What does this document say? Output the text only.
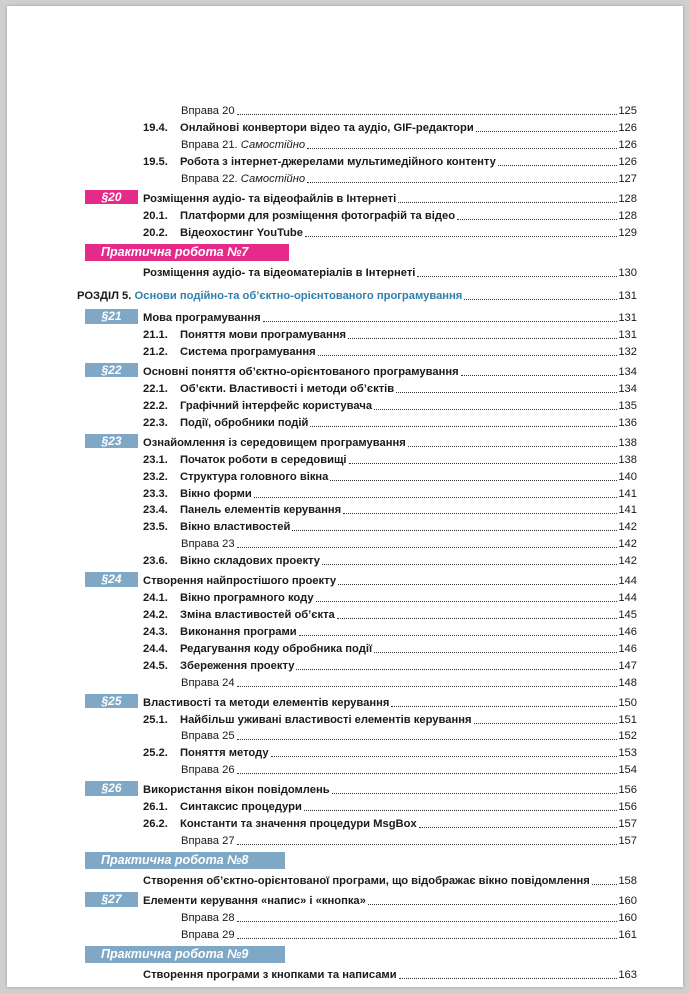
Вправа 20	125
19.4. Онлайнові конвертори відео та аудіо, GIF-редактори	126
Вправа 21. Самостійно	126
19.5. Робота з інтернет-джерелами мультимедійного контенту	126
Вправа 22. Самостійно	127
§20	Розміщення аудіо- та відеофайлів в Інтернеті	128
20.1. Платформи для розміщення фотографій та відео	128
20.2. Відеохостинг YouTube	129
Практична робота №7
Розміщення аудіо- та відеоматеріалів в Інтернеті	130
РОЗДІЛ 5. Основи подійно-та об’єктно-орієнтованого програмування	131
§21	Мова програмування	131
21.1. Поняття мови програмування	131
21.2. Система програмування	132
§22	Основні поняття об’єктно-орієнтованого програмування	134
22.1. Об’єкти. Властивості і методи об’єктів	134
22.2. Графічний інтерфейс користувача	135
22.3. Події, обробники подій	136
§23	Ознайомлення із середовищем програмування	138
23.1. Початок роботи в середовищі	138
23.2. Структура головного вікна	140
23.3. Вікно форми	141
23.4. Панель елементів керування	141
23.5. Вікно властивостей	142
Вправа 23	142
23.6. Вікно складових проекту	142
§24	Створення найпростішого проекту	144
24.1. Вікно програмного коду	144
24.2. Зміна властивостей об’єкта	145
24.3. Виконання програми	146
24.4. Редагування коду обробника події	146
24.5. Збереження проекту	147
Вправа 24	148
§25	Властивості та методи елементів керування	150
25.1. Найбільш уживані властивості елементів керування	151
Вправа 25	152
25.2. Поняття методу	153
Вправа 26	154
§26	Використання вікон повідомлень	156
26.1. Синтаксис процедури	156
26.2. Константи та значення процедури MsgBox	157
Вправа 27	157
Практична робота №8
Створення об’єктно-орієнтованої програми, що відображає вікно повідомлення	158
§27	Елементи керування «напис» і «кнопка»	160
Вправа 28	160
Вправа 29	161
Практична робота №9
Створення програми з кнопками та написами	163
